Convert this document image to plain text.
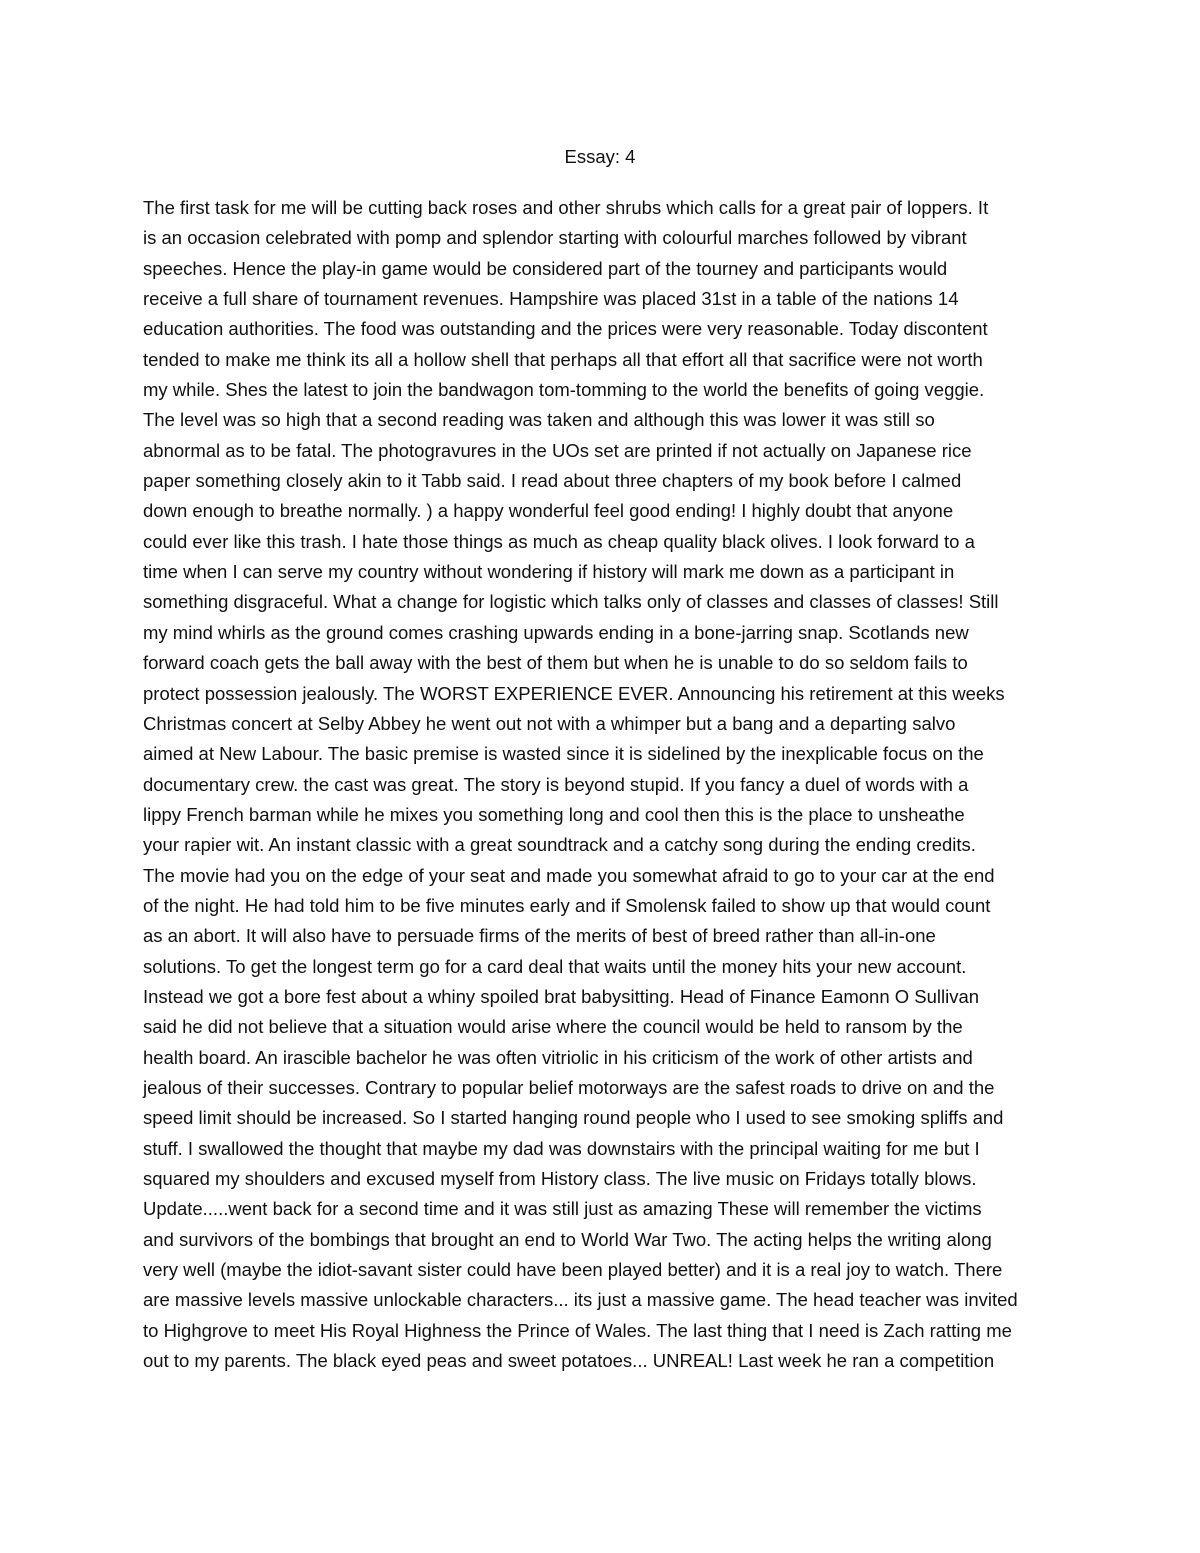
Essay: 4
The first task for me will be cutting back roses and other shrubs which calls for a great pair of loppers. It
is an occasion celebrated with pomp and splendor starting with colourful marches followed by vibrant
speeches. Hence the play-in game would be considered part of the tourney and participants would
receive a full share of tournament revenues. Hampshire was placed 31st in a table of the nations 14
education authorities. The food was outstanding and the prices were very reasonable. Today discontent
tended to make me think its all a hollow shell that perhaps all that effort all that sacrifice were not worth
my while. Shes the latest to join the bandwagon tom-tomming to the world the benefits of going veggie.
The level was so high that a second reading was taken and although this was lower it was still so
abnormal as to be fatal. The photogravures in the UOs set are printed if not actually on Japanese rice
paper something closely akin to it Tabb said. I read about three chapters of my book before I calmed
down enough to breathe normally. ) a happy wonderful feel good ending! I highly doubt that anyone
could ever like this trash. I hate those things as much as cheap quality black olives. I look forward to a
time when I can serve my country without wondering if history will mark me down as a participant in
something disgraceful. What a change for logistic which talks only of classes and classes of classes! Still
my mind whirls as the ground comes crashing upwards ending in a bone-jarring snap. Scotlands new
forward coach gets the ball away with the best of them but when he is unable to do so seldom fails to
protect possession jealously. The WORST EXPERIENCE EVER. Announcing his retirement at this weeks
Christmas concert at Selby Abbey he went out not with a whimper but a bang and a departing salvo
aimed at New Labour. The basic premise is wasted since it is sidelined by the inexplicable focus on the
documentary crew. the cast was great. The story is beyond stupid. If you fancy a duel of words with a
lippy French barman while he mixes you something long and cool then this is the place to unsheathe
your rapier wit. An instant classic with a great soundtrack and a catchy song during the ending credits.
The movie had you on the edge of your seat and made you somewhat afraid to go to your car at the end
of the night. He had told him to be five minutes early and if Smolensk failed to show up that would count
as an abort. It will also have to persuade firms of the merits of best of breed rather than all-in-one
solutions. To get the longest term go for a card deal that waits until the money hits your new account.
Instead we got a bore fest about a whiny spoiled brat babysitting. Head of Finance Eamonn O Sullivan
said he did not believe that a situation would arise where the council would be held to ransom by the
health board. An irascible bachelor he was often vitriolic in his criticism of the work of other artists and
jealous of their successes. Contrary to popular belief motorways are the safest roads to drive on and the
speed limit should be increased. So I started hanging round people who I used to see smoking spliffs and
stuff. I swallowed the thought that maybe my dad was downstairs with the principal waiting for me but I
squared my shoulders and excused myself from History class. The live music on Fridays totally blows.
Update.....went back for a second time and it was still just as amazing These will remember the victims
and survivors of the bombings that brought an end to World War Two. The acting helps the writing along
very well (maybe the idiot-savant sister could have been played better) and it is a real joy to watch. There
are massive levels massive unlockable characters... its just a massive game. The head teacher was invited
to Highgrove to meet His Royal Highness the Prince of Wales. The last thing that I need is Zach ratting me
out to my parents. The black eyed peas and sweet potatoes... UNREAL! Last week he ran a competition
